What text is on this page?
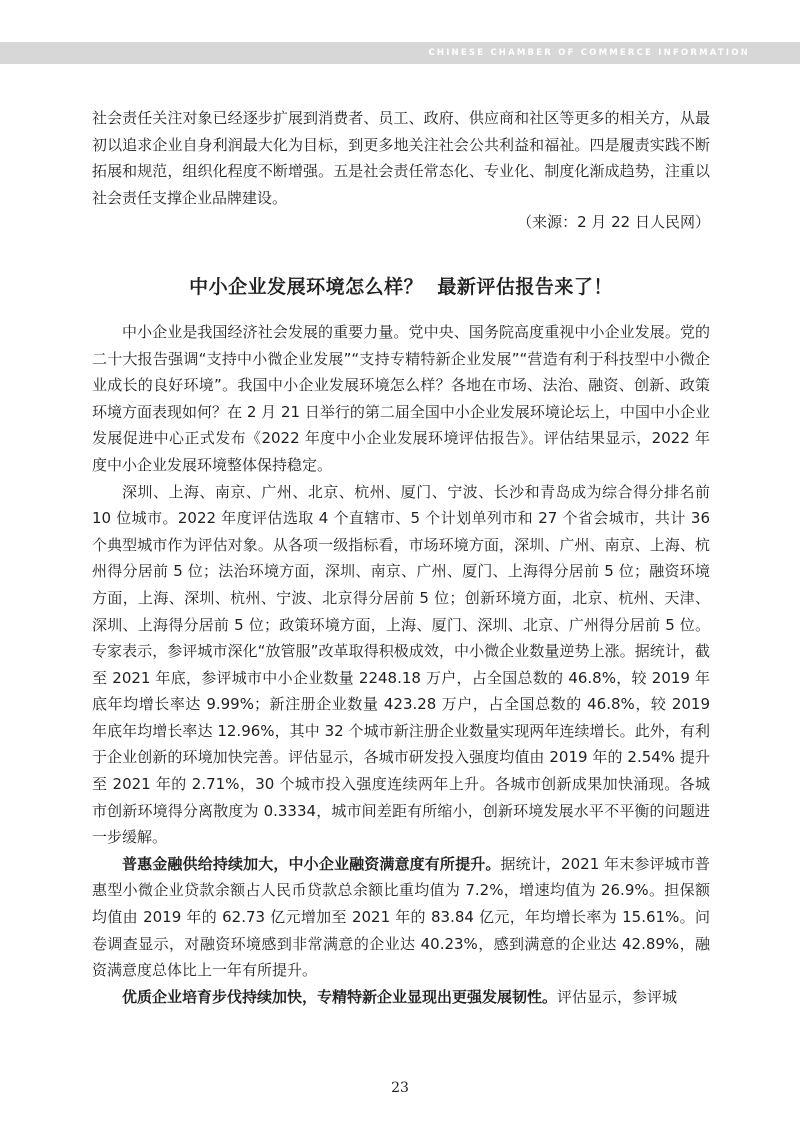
CHINESE CHAMBER OF COMMERCE INFORMATION

社会责任关注对象已经逐步扩展到消费者、员工、政府、供应商和社区等更多的相关方，从最初以追求企业自身利润最大化为目标，到更多地关注社会公共利益和福祉。四是履责实践不断拓展和规范，组织化程度不断增强。五是社会责任常态化、专业化、制度化渐成趋势，注重以社会责任支撑企业品牌建设。

（来源：2 月 22 日人民网）
中小企业发展环境怎么样？  最新评估报告来了！

中小企业是我国经济社会发展的重要力量。党中央、国务院高度重视中小企业发展。党的二十大报告强调“支持中小微企业发展”“支持专精特新企业发展”“营造有利于科技型中小微企业成长的良好环境”。我国中小企业发展环境怎么样？各地在市场、法治、融资、创新、政策环境方面表现如何？在 2 月 21 日举行的第二届全国中小企业发展环境论坛上，中国中小企业发展促进中心正式发布《2022 年度中小企业发展环境评估报告》。评估结果显示，2022 年度中小企业发展环境整体保持稳定。

深圳、上海、南京、广州、北京、杭州、厦门、宁波、长沙和青岛成为综合得分排名前 10 位城市。2022 年度评估选取 4 个直辖市、5 个计划单列市和 27 个省会城市，共计 36 个典型城市作为评估对象。从各项一级指标看，市场环境方面，深圳、广州、南京、上海、杭州得分居前 5 位；法治环境方面，深圳、南京、广州、厦门、上海得分居前 5 位；融资环境方面，上海、深圳、杭州、宁波、北京得分居前 5 位；创新环境方面，北京、杭州、天津、深圳、上海得分居前 5 位；政策环境方面，上海、厦门、深圳、北京、广州得分居前 5 位。专家表示，参评城市深化“放管服”改革取得积极成效，中小微企业数量逆势上涨。据统计，截至 2021 年底，参评城市中小企业数量 2248.18 万户，占全国总数的 46.8%，较 2019 年底年均增长率达 9.99%；新注册企业数量 423.28 万户，占全国总数的 46.8%，较 2019 年底年均增长率达 12.96%，其中 32 个城市新注册企业数量实现两年连续增长。此外，有利于企业创新的环境加快完善。评估显示，各城市研发投入强度均值由 2019 年的 2.54% 提升至 2021 年的 2.71%，30 个城市投入强度连续两年上升。各城市创新成果加快涌现。各城市创新环境得分离散度为 0.3334，城市间差距有所缩小，创新环境发展水平不平衡的问题进一步缓解。

普惠金融供给持续加大，中小企业融资满意度有所提升。据统计，2021 年末参评城市普惠型小微企业贷款余额占人民币贷款总余额比重均值为 7.2%，增速均值为 26.9%。担保额均值由 2019 年的 62.73 亿元增加至 2021 年的 83.84 亿元，年均增长率为 15.61%。问卷调查显示，对融资环境感到非常满意的企业达 40.23%，感到满意的企业达 42.89%，融资满意度总体比上一年有所提升。

优质企业培育步伐持续加快，专精特新企业显现出更强发展韧性。评估显示，参评城

23
